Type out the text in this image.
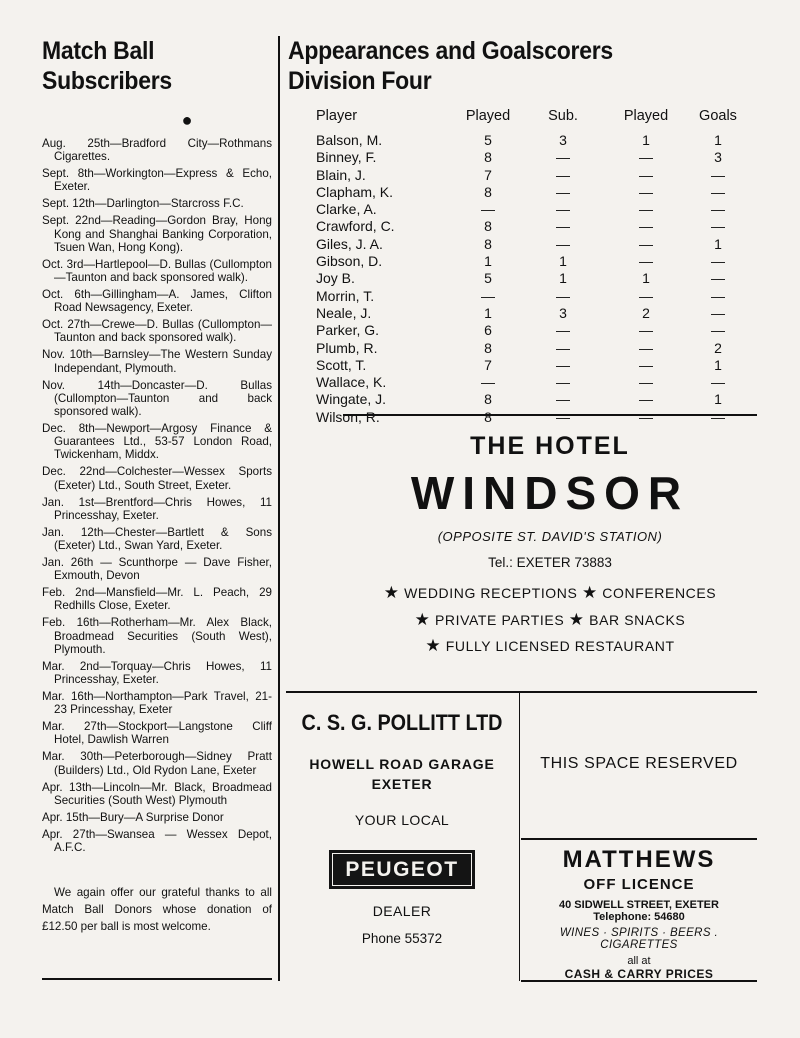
Match Ball
Subscribers
●
Aug. 25th—Bradford City—Rothmans Cigarettes.
Sept. 8th—Workington—Express & Echo, Exeter.
Sept. 12th—Darlington—Starcross F.C.
Sept. 22nd—Reading—Gordon Bray, Hong Kong and Shanghai Banking Corporation, Tsuen Wan, Hong Kong).
Oct. 3rd—Hartlepool—D. Bullas (Cullompton—Taunton and back sponsored walk).
Oct. 6th—Gillingham—A. James, Clifton Road Newsagency, Exeter.
Oct. 27th—Crewe—D. Bullas (Cullompton—Taunton and back sponsored walk).
Nov. 10th—Barnsley—The Western Sunday Independant, Plymouth.
Nov. 14th—Doncaster—D. Bullas (Cullompton—Taunton and back sponsored walk).
Dec. 8th—Newport—Argosy Finance & Guarantees Ltd., 53-57 London Road, Twickenham, Middx.
Dec. 22nd—Colchester—Wessex Sports (Exeter) Ltd., South Street, Exeter.
Jan. 1st—Brentford—Chris Howes, 11 Princesshay, Exeter.
Jan. 12th—Chester—Bartlett & Sons (Exeter) Ltd., Swan Yard, Exeter.
Jan. 26th — Scunthorpe — Dave Fisher, Exmouth, Devon
Feb. 2nd—Mansfield—Mr. L. Peach, 29 Redhills Close, Exeter.
Feb. 16th—Rotherham—Mr. Alex Black, Broadmead Securities (South West), Plymouth.
Mar. 2nd—Torquay—Chris Howes, 11 Princesshay, Exeter.
Mar. 16th—Northampton—Park Travel, 21-23 Princesshay, Exeter
Mar. 27th—Stockport—Langstone Cliff Hotel, Dawlish Warren
Mar. 30th—Peterborough—Sidney Pratt (Builders) Ltd., Old Rydon Lane, Exeter
Apr. 13th—Lincoln—Mr. Black, Broadmead Securities (South West) Plymouth
Apr. 15th—Bury—A Surprise Donor
Apr. 27th—Swansea — Wessex Depot, A.F.C.

We again offer our grateful thanks to all Match Ball Donors whose donation of £12.50 per ball is most welcome.

Appearances and Goalscorers
Division Four
Player	Played	Sub.	Played	Goals
Balson, M.	5	3	1	1
Binney, F.	8	—	—	3
Blain, J.	7	—	—	—
Clapham, K.	8	—	—	—
Clarke, A.	—	—	—	—
Crawford, C.	8	—	—	—
Giles, J. A.	8	—	—	1
Gibson, D.	1	1	—	—
Joy B.	5	1	1	—
Morrin, T.	—	—	—	—
Neale, J.	1	3	2	—
Parker, G.	6	—	—	—
Plumb, R.	8	—	—	2
Scott, T.	7	—	—	1
Wallace, K.	—	—	—	—
Wingate, J.	8	—	—	1
Wilson, R.	8	—	—	—
THE HOTEL
WINDSOR
(OPPOSITE ST. DAVID'S STATION)
Tel.: EXETER 73883
★ WEDDING RECEPTIONS ★ CONFERENCES
★ PRIVATE PARTIES ★ BAR SNACKS
★ FULLY LICENSED RESTAURANT
C. S. G. POLLITT LTD
HOWELL ROAD GARAGE
EXETER
YOUR LOCAL
PEUGEOT
DEALER
Phone 55372
THIS SPACE RESERVED
MATTHEWS
OFF LICENCE
40 SIDWELL STREET, EXETER
Telephone: 54680
WINES · SPIRITS · BEERS . CIGARETTES
all at
CASH & CARRY PRICES
